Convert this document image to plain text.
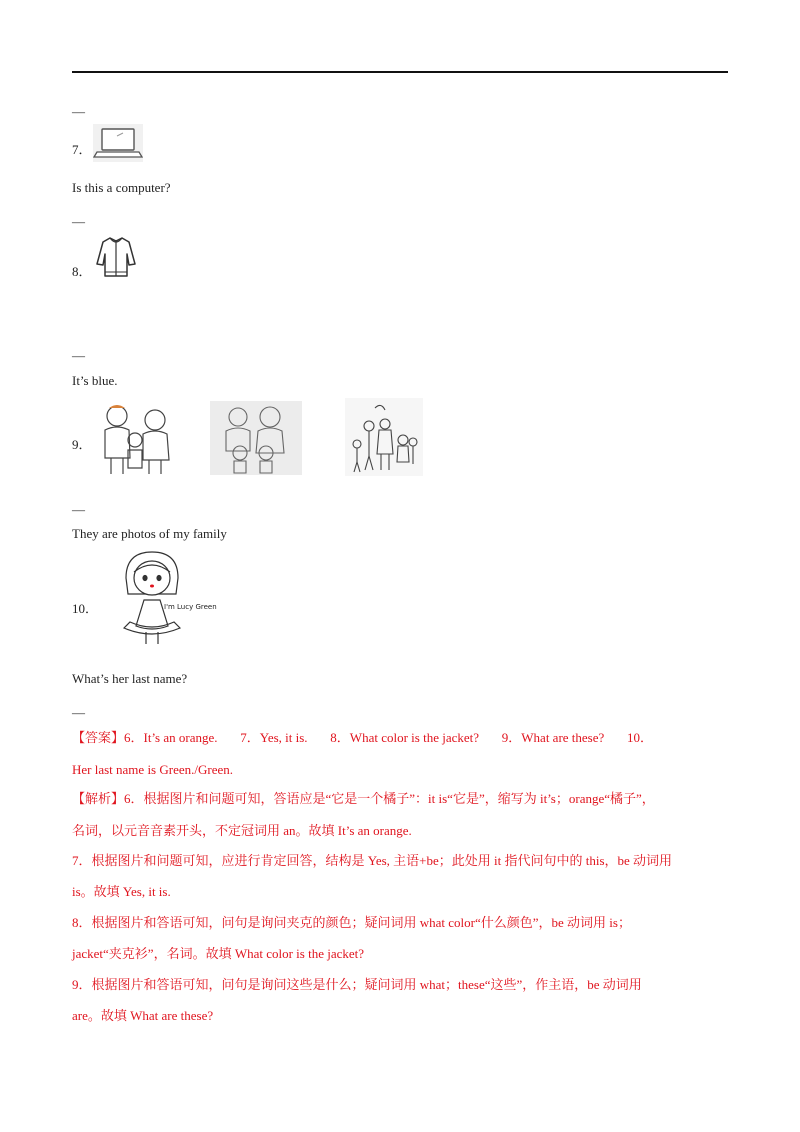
—
7．
Is this a computer?
—
8．
—
It’s blue.
9．
—
They are photos of my family
10．	I'm Lucy Green
What’s her last name?
—
【答案】6．It’s an orange.       7．Yes, it is.       8．What color is the jacket?       9．What are these?       10．
Her last name is Green./Green.
【解析】6．根据图片和问题可知，答语应是“它是一个橘子”：it is“它是”，缩写为 it’s；orange“橘子”，
名词，以元音音素开头，不定冠词用 an。故填 It’s an orange.
7．根据图片和问题可知，应进行肯定回答，结构是 Yes, 主语+be；此处用 it 指代问句中的 this，be 动词用
is。故填 Yes, it is.
8．根据图片和答语可知，问句是询问夹克的颜色；疑问词用 what color“什么颜色”，be 动词用 is；
jacket“夹克衫”，名词。故填 What color is the jacket?
9．根据图片和答语可知，问句是询问这些是什么；疑问词用 what；these“这些”，作主语，be 动词用
are。故填 What are these?
